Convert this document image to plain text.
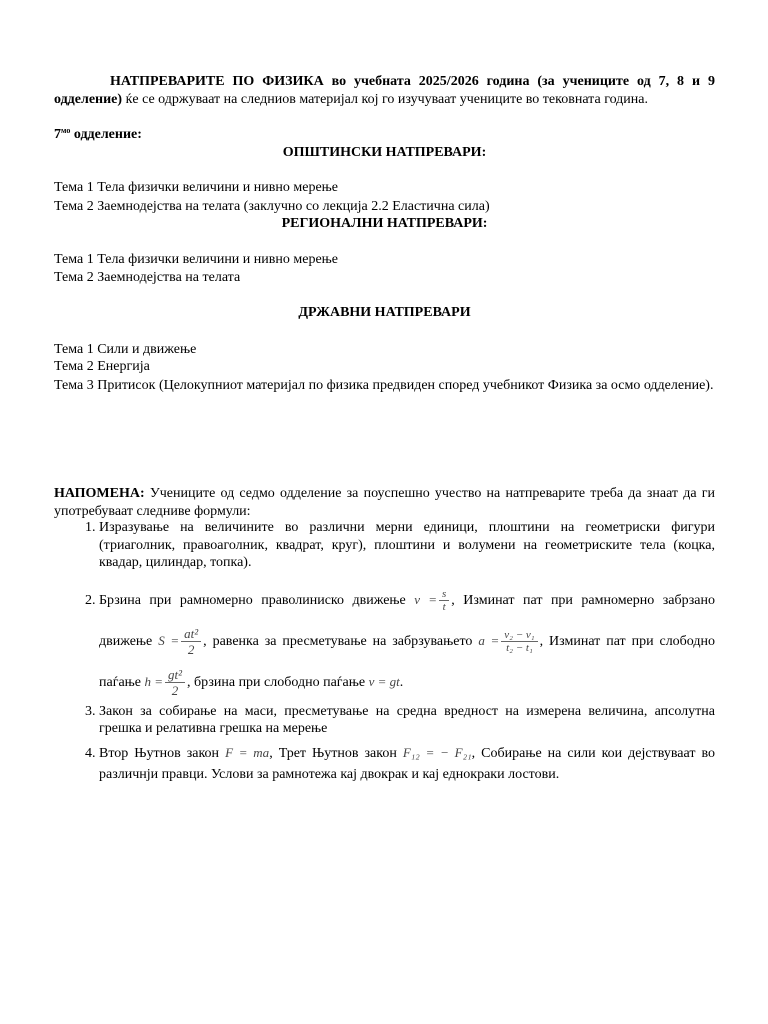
НАТПРЕВАРИТЕ ПО ФИЗИКА во учебната 2025/2026 година (за учениците од 7, 8 и 9 одделение) ќе се одржуваат на следниов материјал кој го изучуваат учениците во тековната година.

$7^{мо}$ одделение:

ОПШТИНСКИ НАТПРЕВАРИ:

Тема 1 Тела физички величини и нивно мерење

Тема 2 Заемнодејства на телата (заклучно со лекција 2.2 Еластична сила)

РЕГИОНАЛНИ НАТПРЕВАРИ:

Тема 1 Тела физички величини и нивно мерење

Тема 2 Заемнодејства на телата

ДРЖАВНИ НАТПРЕВАРИ

Тема 1 Сили и движење

Тема 2 Енергија

Тема 3 Притисок (Целокупниот материјал по физика предвиден според учебникот Физика за осмо одделение).

НАПОМЕНА: Учениците од седмо одделение за поуспешно учество на натпреварите треба да знаат да ги употребуваат следниве формули:

1. Изразување на величините во различни мерни единици, плоштини на геометриски фигури (триаголник, правоаголник, квадрат, круг), плоштини и волумени на геометриските тела (коцка, квадар, цилиндар, топка).
2. Брзина при рамномерно праволиниско движење $v = \frac{s}{t}$ , Изминат пат при рамномерно забрзано движење $S = \frac{\text{at²}}{2}$ , равенка за пресметување на забрзувањето $a = \frac{\text{v₂ − v₁}}{\text{t₂ − t₁}}$ , Изминат пат при слободно паѓање $h = \frac{\text{gt²}}{2}$ , брзина при слободно паѓање v = gt.
3. Закон за собирање на маси, пресметување на средна вредност на измерена величина, апсолутна грешка и релативна грешка на мерење
4. Втор Њутнов закон F = ma, Трет Њутнов закон F₁₂ = − F₂₁, Собирање на сили кои дејствуваат во различнји правци. Услови за рамнотежа кај двокрак и кај еднокраки лостови.
